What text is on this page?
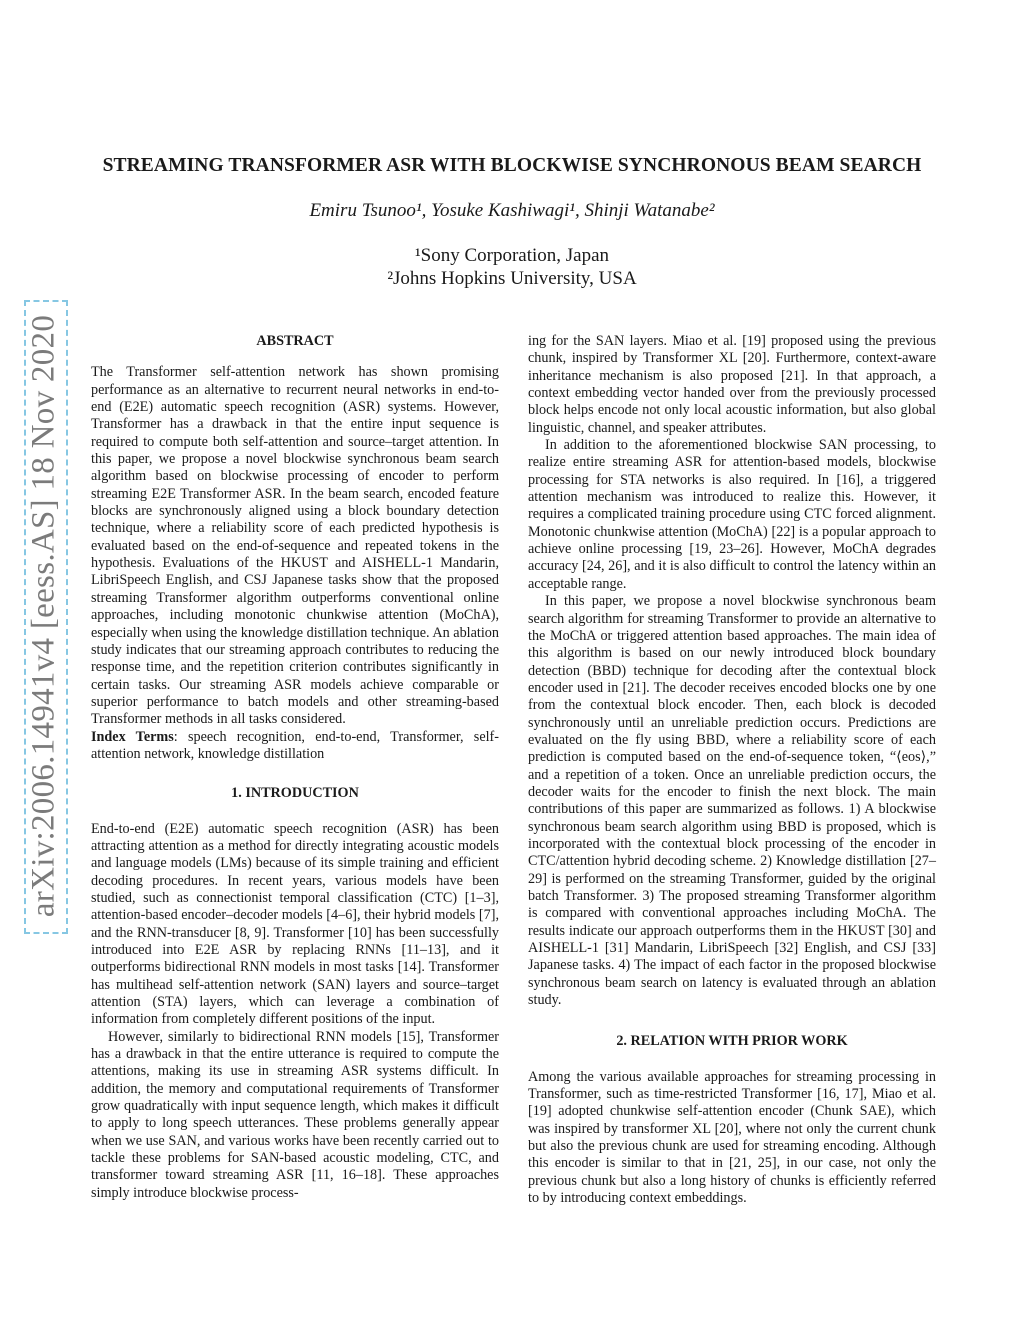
arXiv:2006.14941v4 [eess.AS] 18 Nov 2020
STREAMING TRANSFORMER ASR WITH BLOCKWISE SYNCHRONOUS BEAM SEARCH
Emiru Tsunoo¹, Yosuke Kashiwagi¹, Shinji Watanabe²
¹Sony Corporation, Japan
²Johns Hopkins University, USA

ABSTRACT

The Transformer self-attention network has shown promising performance as an alternative to recurrent neural networks in end-to-end (E2E) automatic speech recognition (ASR) systems. However, Transformer has a drawback in that the entire input sequence is required to compute both self-attention and source–target attention. In this paper, we propose a novel blockwise synchronous beam search algorithm based on blockwise processing of encoder to perform streaming E2E Transformer ASR. In the beam search, encoded feature blocks are synchronously aligned using a block boundary detection technique, where a reliability score of each predicted hypothesis is evaluated based on the end-of-sequence and repeated tokens in the hypothesis. Evaluations of the HKUST and AISHELL-1 Mandarin, LibriSpeech English, and CSJ Japanese tasks show that the proposed streaming Transformer algorithm outperforms conventional online approaches, including monotonic chunkwise attention (MoChA), especially when using the knowledge distillation technique. An ablation study indicates that our streaming approach contributes to reducing the response time, and the repetition criterion contributes significantly in certain tasks. Our streaming ASR models achieve comparable or superior performance to batch models and other streaming-based Transformer methods in all tasks considered.

Index Terms: speech recognition, end-to-end, Transformer, self-attention network, knowledge distillation

1. INTRODUCTION

End-to-end (E2E) automatic speech recognition (ASR) has been attracting attention as a method for directly integrating acoustic models and language models (LMs) because of its simple training and efficient decoding procedures. In recent years, various models have been studied, such as connectionist temporal classification (CTC) [1–3], attention-based encoder–decoder models [4–6], their hybrid models [7], and the RNN-transducer [8, 9]. Transformer [10] has been successfully introduced into E2E ASR by replacing RNNs [11–13], and it outperforms bidirectional RNN models in most tasks [14]. Transformer has multihead self-attention network (SAN) layers and source–target attention (STA) layers, which can leverage a combination of information from completely different positions of the input.

However, similarly to bidirectional RNN models [15], Transformer has a drawback in that the entire utterance is required to compute the attentions, making its use in streaming ASR systems difficult. In addition, the memory and computational requirements of Transformer grow quadratically with input sequence length, which makes it difficult to apply to long speech utterances. These problems generally appear when we use SAN, and various works have been recently carried out to tackle these problems for SAN-based acoustic modeling, CTC, and transformer toward streaming ASR [11, 16–18]. These approaches simply introduce blockwise process-

ing for the SAN layers. Miao et al. [19] proposed using the previous chunk, inspired by Transformer XL [20]. Furthermore, context-aware inheritance mechanism is also proposed [21]. In that approach, a context embedding vector handed over from the previously processed block helps encode not only local acoustic information, but also global linguistic, channel, and speaker attributes.

In addition to the aforementioned blockwise SAN processing, to realize entire streaming ASR for attention-based models, blockwise processing for STA networks is also required. In [16], a triggered attention mechanism was introduced to realize this. However, it requires a complicated training procedure using CTC forced alignment. Monotonic chunkwise attention (MoChA) [22] is a popular approach to achieve online processing [19, 23–26]. However, MoChA degrades accuracy [24, 26], and it is also difficult to control the latency within an acceptable range.

In this paper, we propose a novel blockwise synchronous beam search algorithm for streaming Transformer to provide an alternative to the MoChA or triggered attention based approaches. The main idea of this algorithm is based on our newly introduced block boundary detection (BBD) technique for decoding after the contextual block encoder used in [21]. The decoder receives encoded blocks one by one from the contextual block encoder. Then, each block is decoded synchronously until an unreliable prediction occurs. Predictions are evaluated on the fly using BBD, where a reliability score of each prediction is computed based on the end-of-sequence token, “⟨eos⟩,” and a repetition of a token. Once an unreliable prediction occurs, the decoder waits for the encoder to finish the next block. The main contributions of this paper are summarized as follows. 1) A blockwise synchronous beam search algorithm using BBD is proposed, which is incorporated with the contextual block processing of the encoder in CTC/attention hybrid decoding scheme. 2) Knowledge distillation [27–29] is performed on the streaming Transformer, guided by the original batch Transformer. 3) The proposed streaming Transformer algorithm is compared with conventional approaches including MoChA. The results indicate our approach outperforms them in the HKUST [30] and AISHELL-1 [31] Mandarin, LibriSpeech [32] English, and CSJ [33] Japanese tasks. 4) The impact of each factor in the proposed blockwise synchronous beam search on latency is evaluated through an ablation study.

2. RELATION WITH PRIOR WORK

Among the various available approaches for streaming processing in Transformer, such as time-restricted Transformer [16, 17], Miao et al. [19] adopted chunkwise self-attention encoder (Chunk SAE), which was inspired by transformer XL [20], where not only the current chunk but also the previous chunk are used for streaming encoding. Although this encoder is similar to that in [21, 25], in our case, not only the previous chunk but also a long history of chunks is efficiently referred to by introducing context embeddings.
